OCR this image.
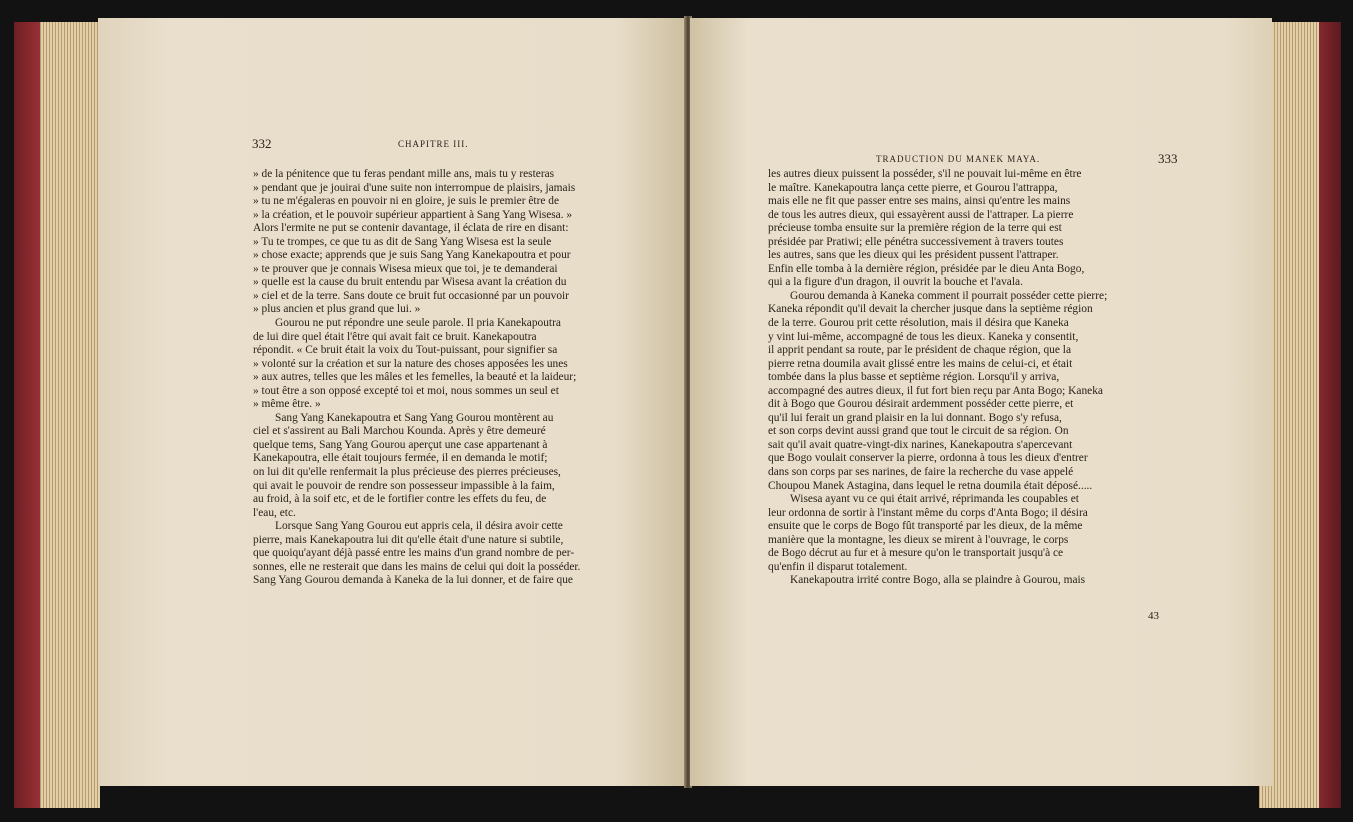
332	CHAPITRE III.

» de la pénitence que tu feras pendant mille ans, mais tu y resteras

» pendant que je jouirai d'une suite non interrompue de plaisirs, jamais

» tu ne m'égaleras en pouvoir ni en gloire, je suis le premier être de

» la création, et le pouvoir supérieur appartient à Sang Yang Wisesa. »

Alors l'ermite ne put se contenir davantage, il éclata de rire en disant:

» Tu te trompes, ce que tu as dit de Sang Yang Wisesa est la seule

» chose exacte; apprends que je suis Sang Yang Kanekapoutra et pour

» te prouver que je connais Wisesa mieux que toi, je te demanderai

» quelle est la cause du bruit entendu par Wisesa avant la création du

» ciel et de la terre. Sans doute ce bruit fut occasionné par un pouvoir

» plus ancien et plus grand que lui. »

Gourou ne put répondre une seule parole. Il pria Kanekapoutra

de lui dire quel était l'être qui avait fait ce bruit. Kanekapoutra

répondit. « Ce bruit était la voix du Tout-puissant, pour signifier sa

» volonté sur la création et sur la nature des choses apposées les unes

» aux autres, telles que les mâles et les femelles, la beauté et la laideur;

» tout être a son opposé excepté toi et moi, nous sommes un seul et

» même être. »

Sang Yang Kanekapoutra et Sang Yang Gourou montèrent au

ciel et s'assirent au Bali Marchou Kounda. Après y être demeuré

quelque tems, Sang Yang Gourou aperçut une case appartenant à

Kanekapoutra, elle était toujours fermée, il en demanda le motif;

on lui dit qu'elle renfermait la plus précieuse des pierres précieuses,

qui avait le pouvoir de rendre son possesseur impassible à la faim,

au froid, à la soif etc, et de le fortifier contre les effets du feu, de

l'eau, etc.

Lorsque Sang Yang Gourou eut appris cela, il désira avoir cette

pierre, mais Kanekapoutra lui dit qu'elle était d'une nature si subtile,

que quoiqu'ayant déjà passé entre les mains d'un grand nombre de per-

sonnes, elle ne resterait que dans les mains de celui qui doit la posséder.

Sang Yang Gourou demanda à Kaneka de la lui donner, et de faire que

TRADUCTION DU MANEK MAYA.	333

les autres dieux puissent la posséder, s'il ne pouvait lui-même en être

le maître. Kanekapoutra lança cette pierre, et Gourou l'attrappa,

mais elle ne fit que passer entre ses mains, ainsi qu'entre les mains

de tous les autres dieux, qui essayèrent aussi de l'attraper. La pierre

précieuse tomba ensuite sur la première région de la terre qui est

présidée par Pratiwi; elle pénétra successivement à travers toutes

les autres, sans que les dieux qui les président pussent l'attraper.

Enfin elle tomba à la dernière région, présidée par le dieu Anta Bogo,

qui a la figure d'un dragon, il ouvrit la bouche et l'avala.

Gourou demanda à Kaneka comment il pourrait posséder cette pierre;

Kaneka répondit qu'il devait la chercher jusque dans la septième région

de la terre. Gourou prit cette résolution, mais il désira que Kaneka

y vint lui-même, accompagné de tous les dieux. Kaneka y consentit,

il apprit pendant sa route, par le président de chaque région, que la

pierre retna doumila avait glissé entre les mains de celui-ci, et était

tombée dans la plus basse et septième région. Lorsqu'il y arriva,

accompagné des autres dieux, il fut fort bien reçu par Anta Bogo; Kaneka

dit à Bogo que Gourou désirait ardemment posséder cette pierre, et

qu'il lui ferait un grand plaisir en la lui donnant. Bogo s'y refusa,

et son corps devint aussi grand que tout le circuit de sa région. On

sait qu'il avait quatre-vingt-dix narines, Kanekapoutra s'apercevant

que Bogo voulait conserver la pierre, ordonna à tous les dieux d'entrer

dans son corps par ses narines, de faire la recherche du vase appelé

Choupou Manek Astagina, dans lequel le retna doumila était déposé.....

Wisesa ayant vu ce qui était arrivé, réprimanda les coupables et

leur ordonna de sortir à l'instant même du corps d'Anta Bogo; il désira

ensuite que le corps de Bogo fût transporté par les dieux, de la même

manière que la montagne, les dieux se mirent à l'ouvrage, le corps

de Bogo décrut au fur et à mesure qu'on le transportait jusqu'à ce

qu'enfin il disparut totalement.

Kanekapoutra irrité contre Bogo, alla se plaindre à Gourou, mais

43
